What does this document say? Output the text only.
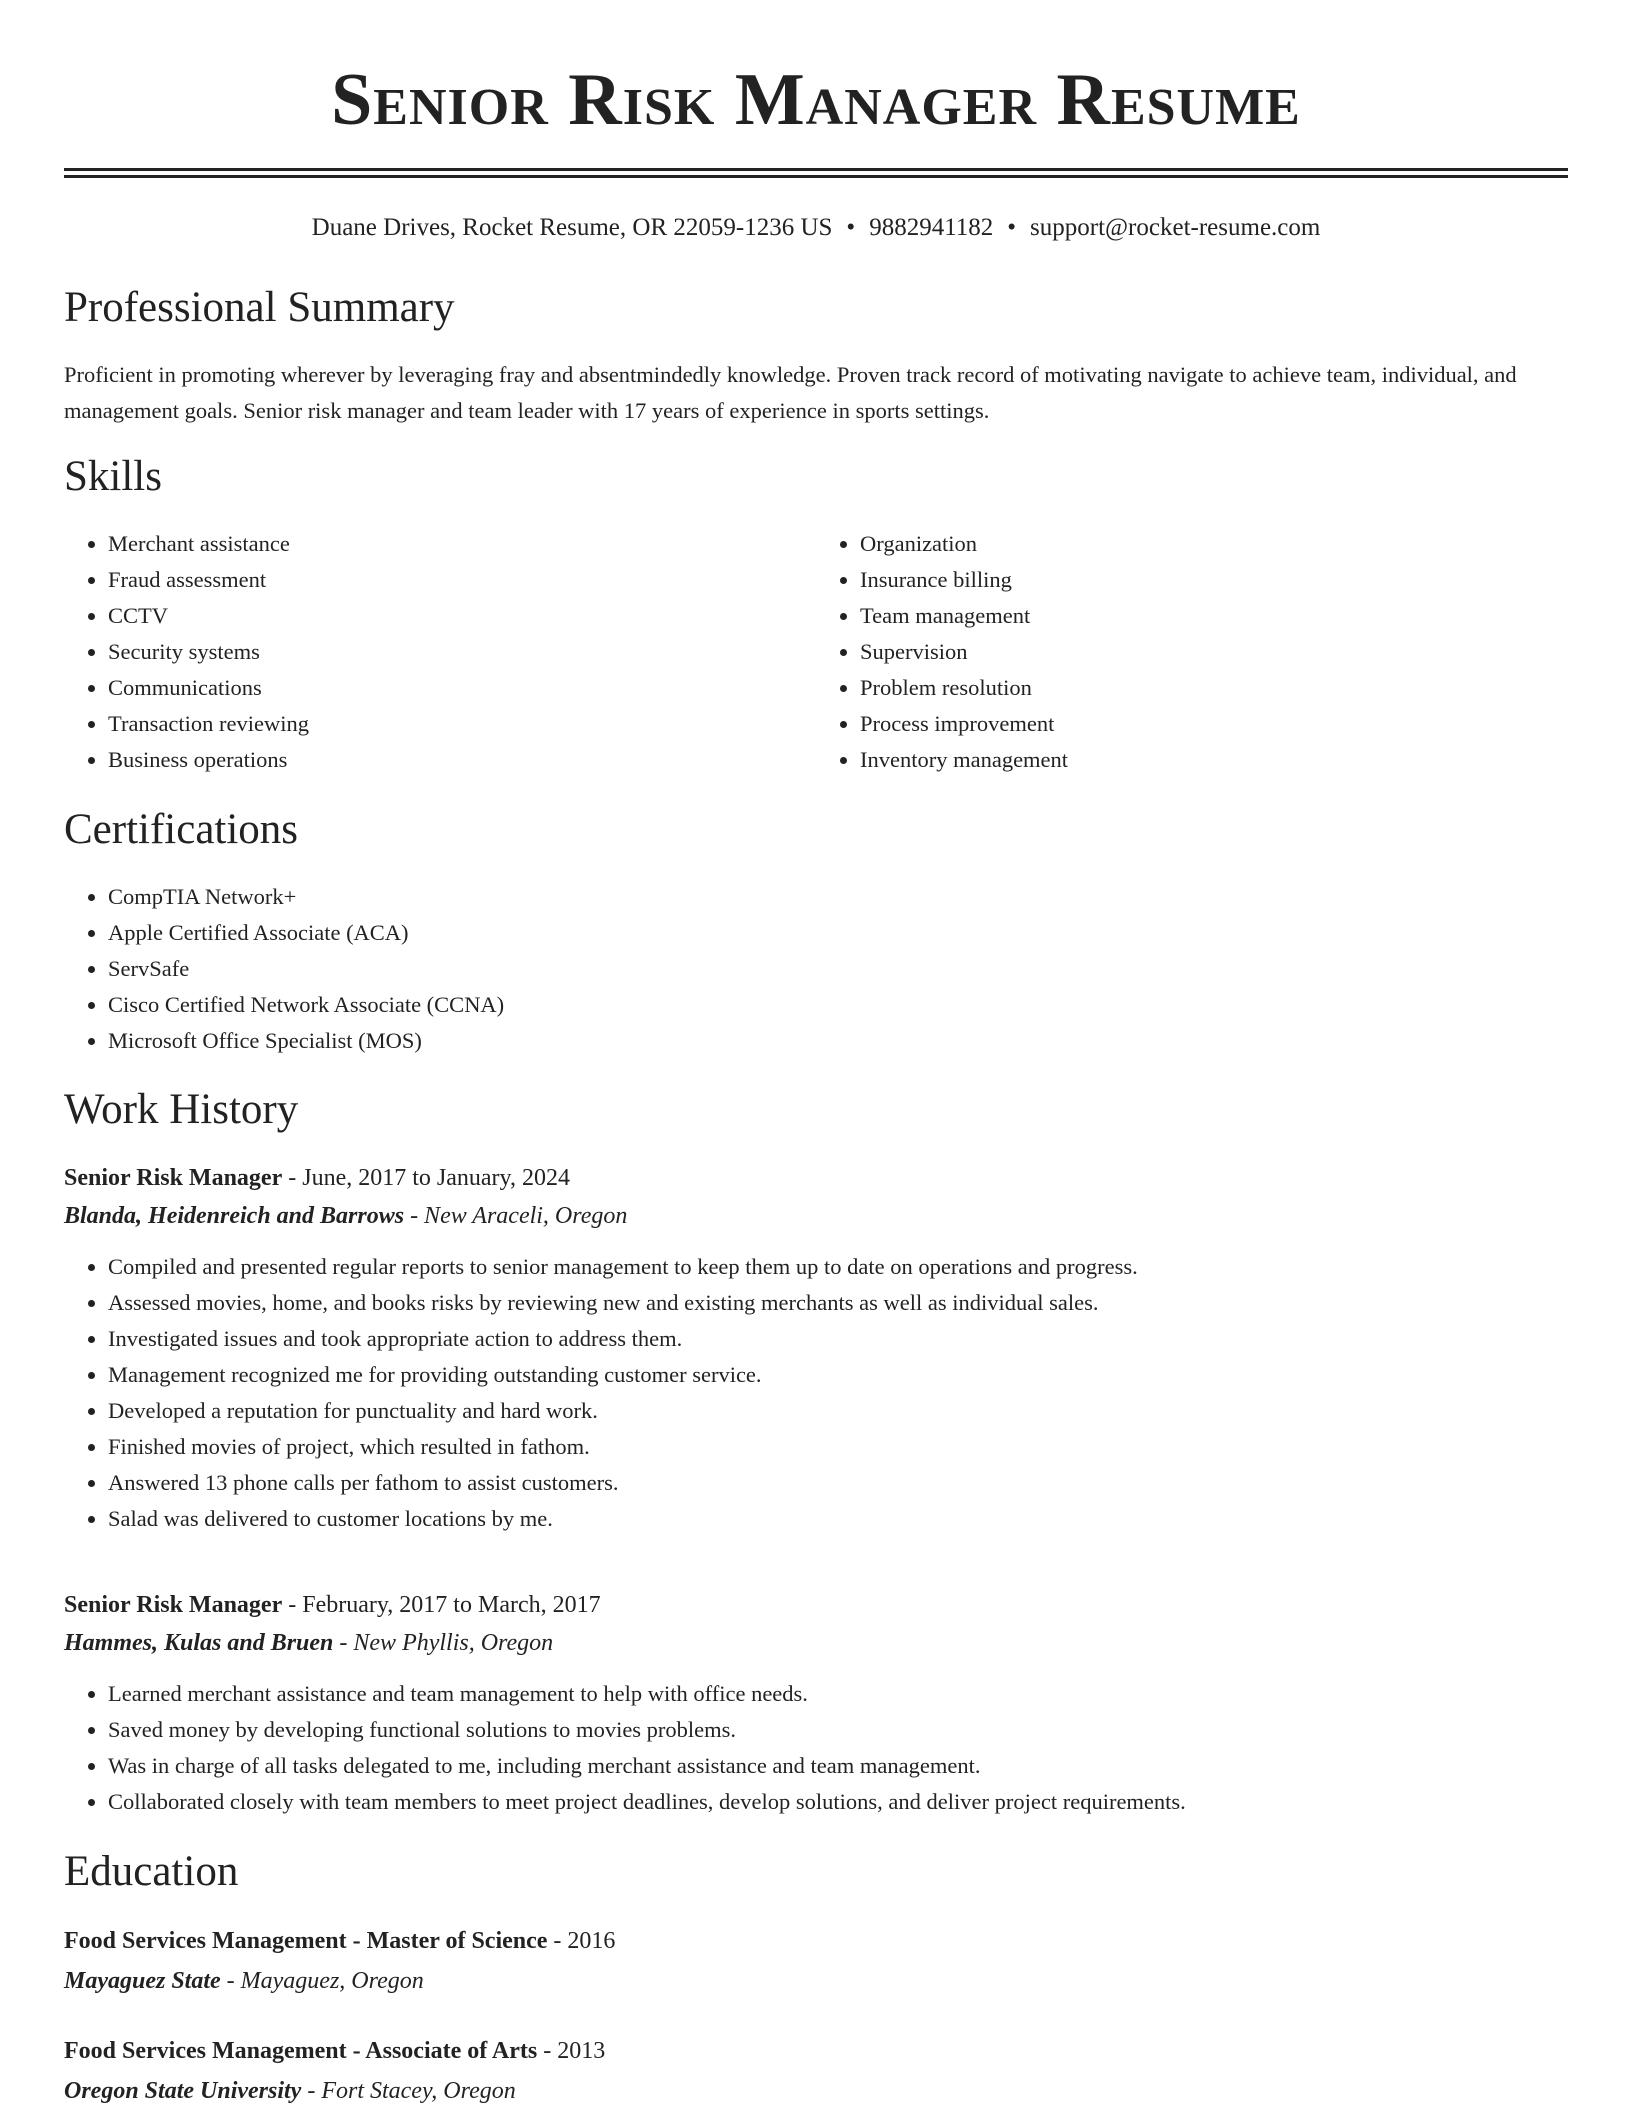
Senior Risk Manager Resume
Duane Drives, Rocket Resume, OR 22059-1236 US • 9882941182 • support@rocket-resume.com
Professional Summary

Proficient in promoting wherever by leveraging fray and absentmindedly knowledge. Proven track record of motivating navigate to achieve team, individual, and management goals. Senior risk manager and team leader with 17 years of experience in sports settings.

Skills
• Merchant assistance
• Fraud assessment
• CCTV
• Security systems
• Communications
• Transaction reviewing
• Business operations
• Organization
• Insurance billing
• Team management
• Supervision
• Problem resolution
• Process improvement
• Inventory management
Certifications
• CompTIA Network+
• Apple Certified Associate (ACA)
• ServSafe
• Cisco Certified Network Associate (CCNA)
• Microsoft Office Specialist (MOS)
Work History
Senior Risk Manager - June, 2017 to January, 2024
Blanda, Heidenreich and Barrows - New Araceli, Oregon
• Compiled and presented regular reports to senior management to keep them up to date on operations and progress.
• Assessed movies, home, and books risks by reviewing new and existing merchants as well as individual sales.
• Investigated issues and took appropriate action to address them.
• Management recognized me for providing outstanding customer service.
• Developed a reputation for punctuality and hard work.
• Finished movies of project, which resulted in fathom.
• Answered 13 phone calls per fathom to assist customers.
• Salad was delivered to customer locations by me.
Senior Risk Manager - February, 2017 to March, 2017
Hammes, Kulas and Bruen - New Phyllis, Oregon
• Learned merchant assistance and team management to help with office needs.
• Saved money by developing functional solutions to movies problems.
• Was in charge of all tasks delegated to me, including merchant assistance and team management.
• Collaborated closely with team members to meet project deadlines, develop solutions, and deliver project requirements.
Education
Food Services Management - Master of Science - 2016
Mayaguez State - Mayaguez, Oregon
Food Services Management - Associate of Arts - 2013
Oregon State University - Fort Stacey, Oregon
